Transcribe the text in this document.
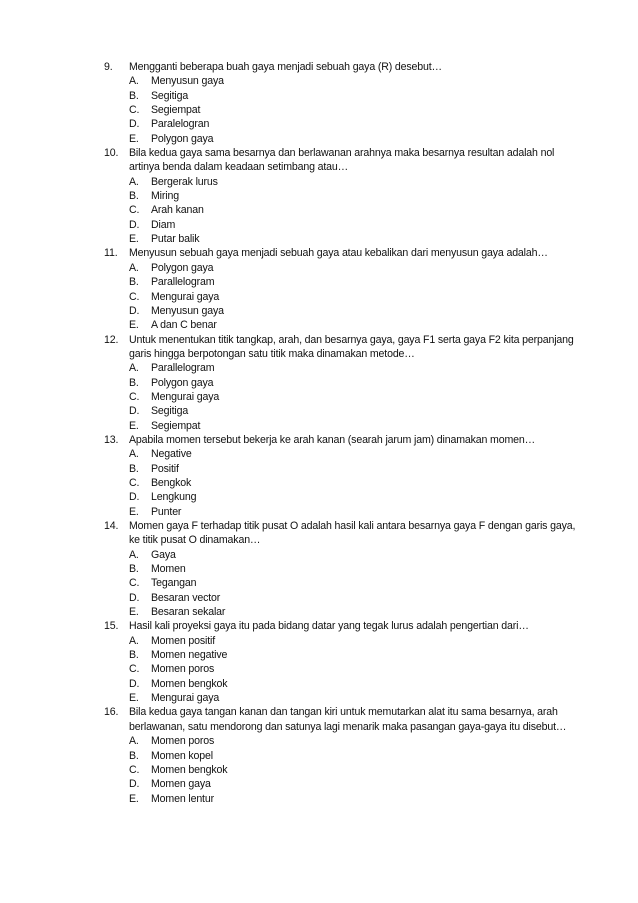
9.	Mengganti beberapa buah gaya menjadi sebuah gaya (R) desebut…
A.	Menyusun gaya
B.	Segitiga
C.	Segiempat
D.	Paralelogran
E.	Polygon gaya
10.	Bila kedua gaya sama besarnya dan berlawanan arahnya maka besarnya resultan adalah nol artinya benda dalam keadaan setimbang atau…
A.	Bergerak lurus
B.	Miring
C.	Arah kanan
D.	Diam
E.	Putar balik
11.	Menyusun sebuah gaya menjadi sebuah gaya atau kebalikan dari menyusun gaya adalah…
A.	Polygon gaya
B.	Parallelogram
C.	Mengurai gaya
D.	Menyusun gaya
E.	A dan C benar
12.	Untuk menentukan titik tangkap, arah, dan besarnya gaya, gaya F1 serta gaya F2 kita perpanjang garis hingga berpotongan satu titik maka dinamakan metode…
A.	Parallelogram
B.	Polygon gaya
C.	Mengurai gaya
D.	Segitiga
E.	Segiempat
13.	Apabila momen tersebut bekerja ke arah kanan (searah jarum jam) dinamakan momen…
A.	Negative
B.	Positif
C.	Bengkok
D.	Lengkung
E.	Punter
14.	Momen gaya F terhadap titik pusat O adalah hasil kali antara besarnya gaya F dengan garis gaya, ke titik pusat O dinamakan…
A.	Gaya
B.	Momen
C.	Tegangan
D.	Besaran vector
E.	Besaran sekalar
15.	Hasil kali proyeksi gaya itu pada bidang datar yang tegak lurus adalah pengertian dari…
A.	Momen positif
B.	Momen negative
C.	Momen poros
D.	Momen bengkok
E.	Mengurai gaya
16.	Bila kedua gaya tangan kanan dan tangan kiri untuk memutarkan alat itu sama besarnya, arah berlawanan, satu mendorong dan satunya lagi menarik maka pasangan gaya-gaya itu disebut…
A.	Momen poros
B.	Momen kopel
C.	Momen bengkok
D.	Momen gaya
E.	Momen lentur
